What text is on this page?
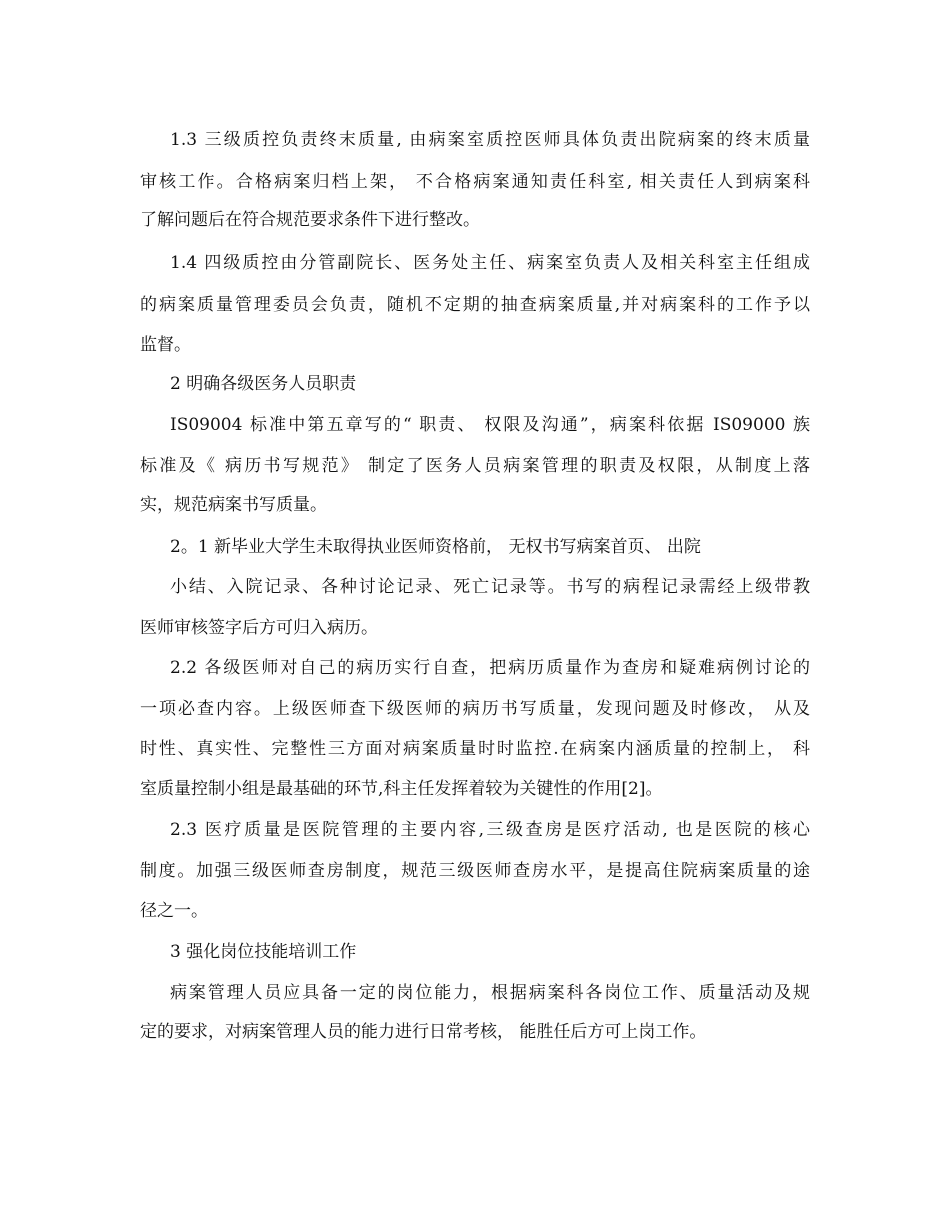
1.3 三级质控负责终末质量, 由病案室质控医师具体负责出院病案的终末质量
审核工作。合格病案归档上架， 不合格病案通知责任科室, 相关责任人到病案科
了解问题后在符合规范要求条件下进行整改。
1.4 四级质控由分管副院长、医务处主任、病案室负责人及相关科室主任组成
的病案质量管理委员会负责，随机不定期的抽查病案质量,并对病案科的工作予以
监督。
2 明确各级医务人员职责
IS09004 标准中第五章写的“ 职责、 权限及沟通”，病案科依据 IS09000 族
标准及《 病历书写规范》 制定了医务人员病案管理的职责及权限，从制度上落
实，规范病案书写质量。
2。1 新毕业大学生未取得执业医师资格前， 无权书写病案首页、 出院
小结、入院记录、各种讨论记录、死亡记录等。书写的病程记录需经上级带教
医师审核签字后方可归入病历。
2.2 各级医师对自己的病历实行自查，把病历质量作为查房和疑难病例讨论的
一项必查内容。上级医师查下级医师的病历书写质量，发现问题及时修改， 从及
时性、真实性、完整性三方面对病案质量时时监控.在病案内涵质量的控制上， 科
室质量控制小组是最基础的环节,科主任发挥着较为关键性的作用[2]。
2.3 医疗质量是医院管理的主要内容,三级查房是医疗活动, 也是医院的核心
制度。加强三级医师查房制度，规范三级医师查房水平，是提高住院病案质量的途
径之一。
3 强化岗位技能培训工作
病案管理人员应具备一定的岗位能力，根据病案科各岗位工作、质量活动及规
定的要求，对病案管理人员的能力进行日常考核， 能胜任后方可上岗工作。
